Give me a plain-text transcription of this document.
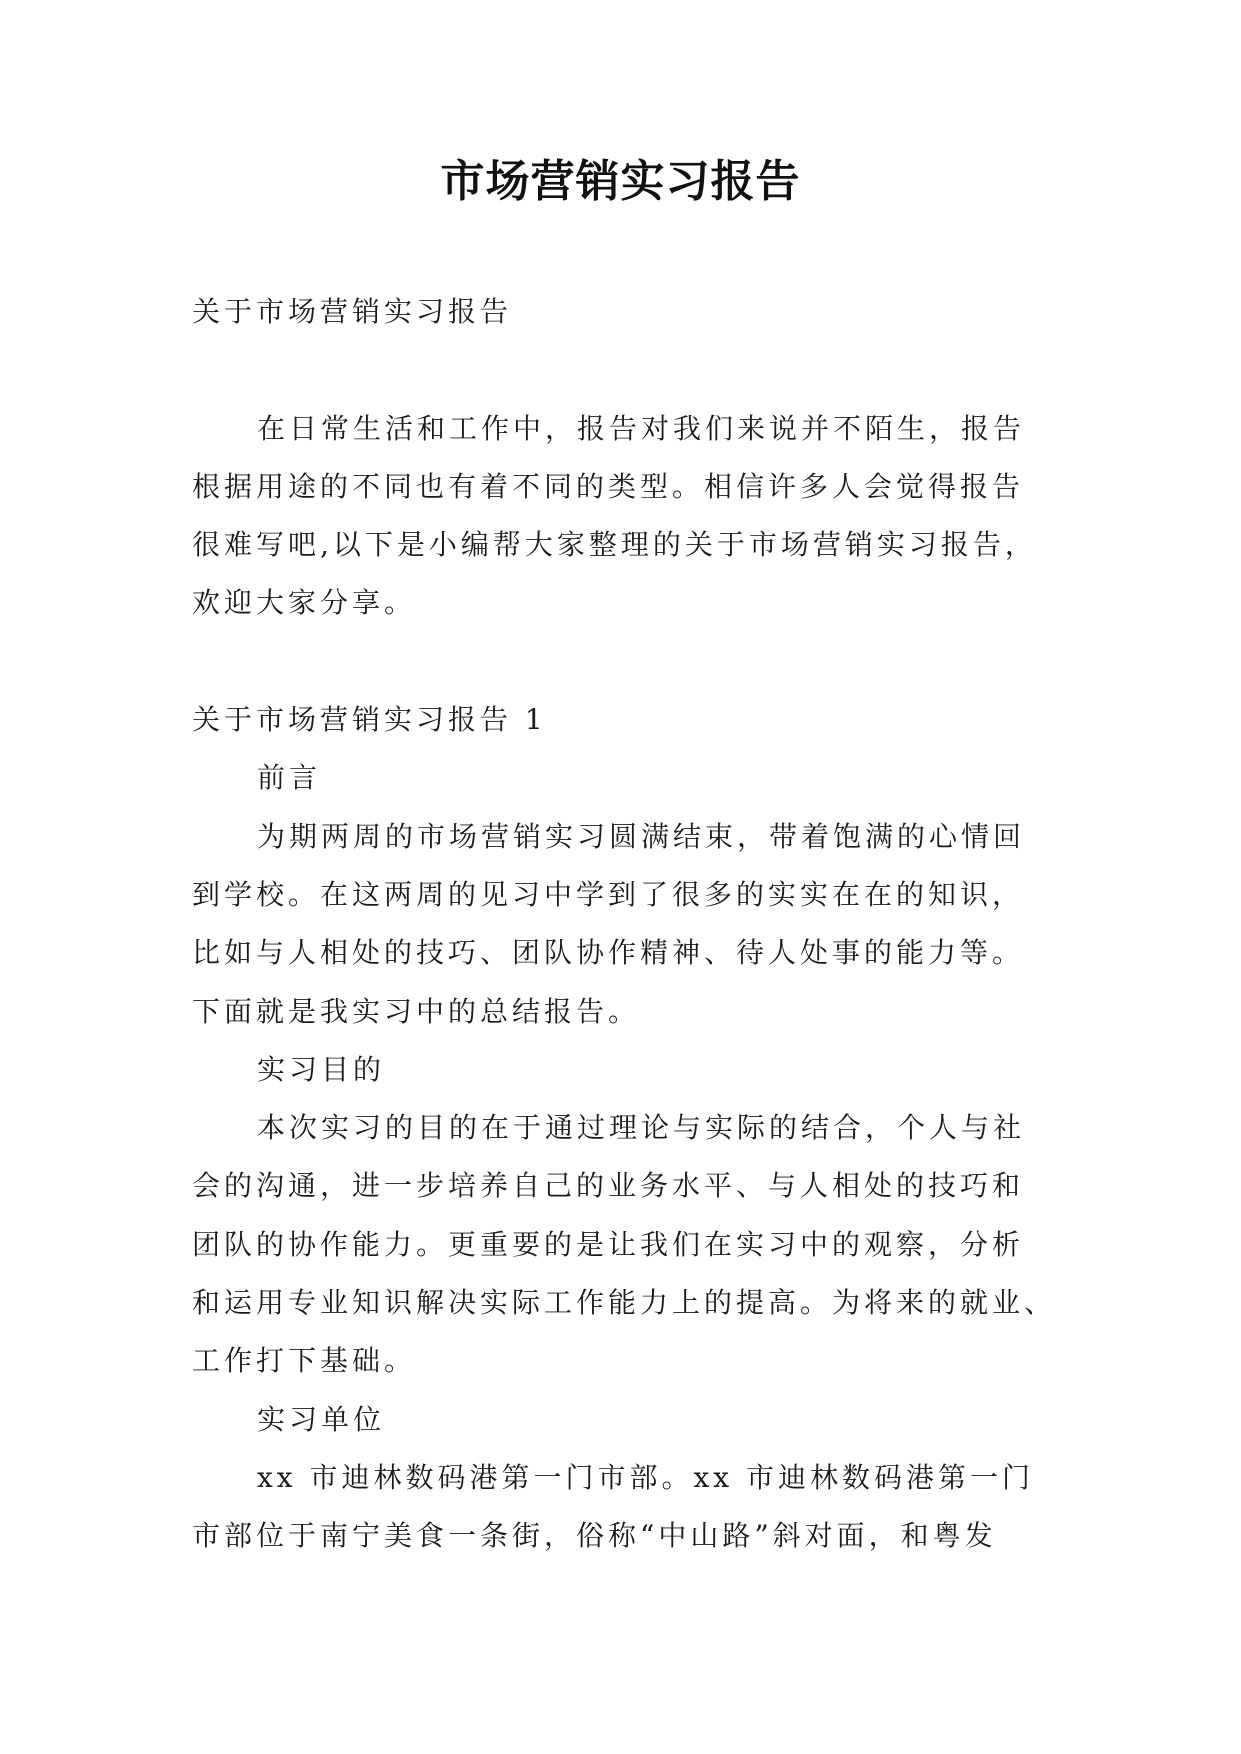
市场营销实习报告
关于市场营销实习报告
在日常生活和工作中，报告对我们来说并不陌生，报告
根据用途的不同也有着不同的类型。相信许多人会觉得报告
很难写吧,以下是小编帮大家整理的关于市场营销实习报告，
欢迎大家分享。
关于市场营销实习报告 1
前言
为期两周的市场营销实习圆满结束，带着饱满的心情回
到学校。在这两周的见习中学到了很多的实实在在的知识，
比如与人相处的技巧、团队协作精神、待人处事的能力等。
下面就是我实习中的总结报告。
实习目的
本次实习的目的在于通过理论与实际的结合，个人与社
会的沟通，进一步培养自己的业务水平、与人相处的技巧和
团队的协作能力。更重要的是让我们在实习中的观察，分析
和运用专业知识解决实际工作能力上的提高。为将来的就业、
工作打下基础。
实习单位
xx 市迪林数码港第一门市部。xx 市迪林数码港第一门
市部位于南宁美食一条街，俗称“中山路”斜对面，和粤发
